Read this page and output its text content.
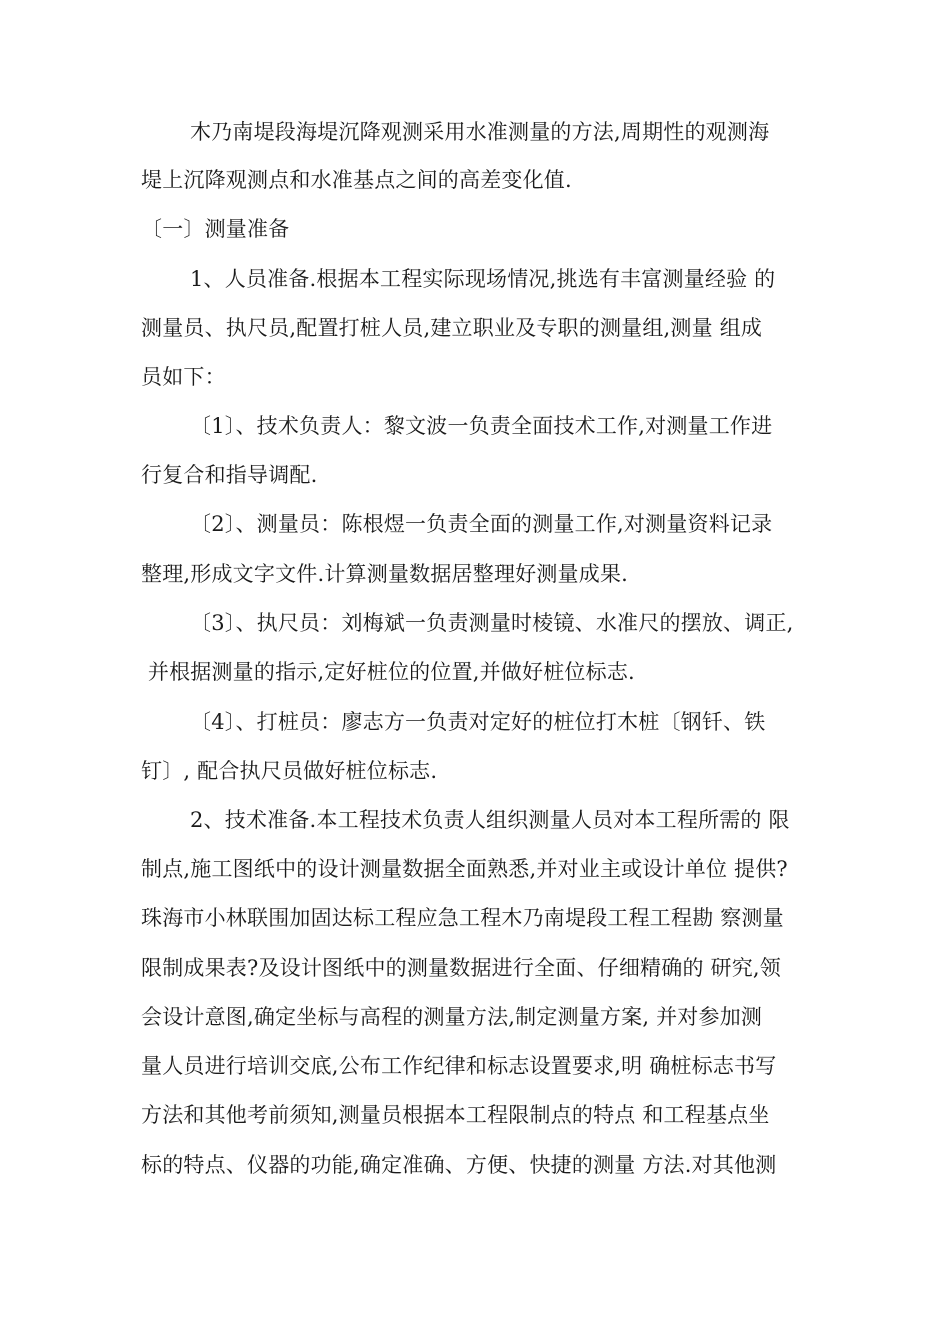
木乃南堤段海堤沉降观测采用水准测量的方法,周期性的观测海
堤上沉降观测点和水准基点之间的高差变化值.
〔一〕测量准备
1、人员准备.根据本工程实际现场情况,挑选有丰富测量经验 的
测量员、执尺员,配置打桩人员,建立职业及专职的测量组,测量 组成
员如下：
〔1〕、技术负责人：黎文波一负责全面技术工作,对测量工作进
行复合和指导调配.
〔2〕、测量员：陈根煜一负责全面的测量工作,对测量资料记录
整理,形成文字文件.计算测量数据居整理好测量成果.
〔3〕、执尺员：刘梅斌一负责测量时棱镜、水准尺的摆放、调正,
并根据测量的指示,定好桩位的位置,并做好桩位标志.
〔4〕、打桩员：廖志方一负责对定好的桩位打木桩〔钢钎、铁
钉〕, 配合执尺员做好桩位标志.
2、技术准备.本工程技术负责人组织测量人员对本工程所需的 限
制点,施工图纸中的设计测量数据全面熟悉,并对业主或设计单位 提供?
珠海市小林联围加固达标工程应急工程木乃南堤段工程工程勘 察测量
限制成果表?及设计图纸中的测量数据进行全面、仔细精确的 研究,领
会设计意图,确定坐标与高程的测量方法,制定测量方案, 并对参加测
量人员进行培训交底,公布工作纪律和标志设置要求,明 确桩标志书写
方法和其他考前须知,测量员根据本工程限制点的特点 和工程基点坐
标的特点、仪器的功能,确定准确、方便、快捷的测量 方法.对其他测
